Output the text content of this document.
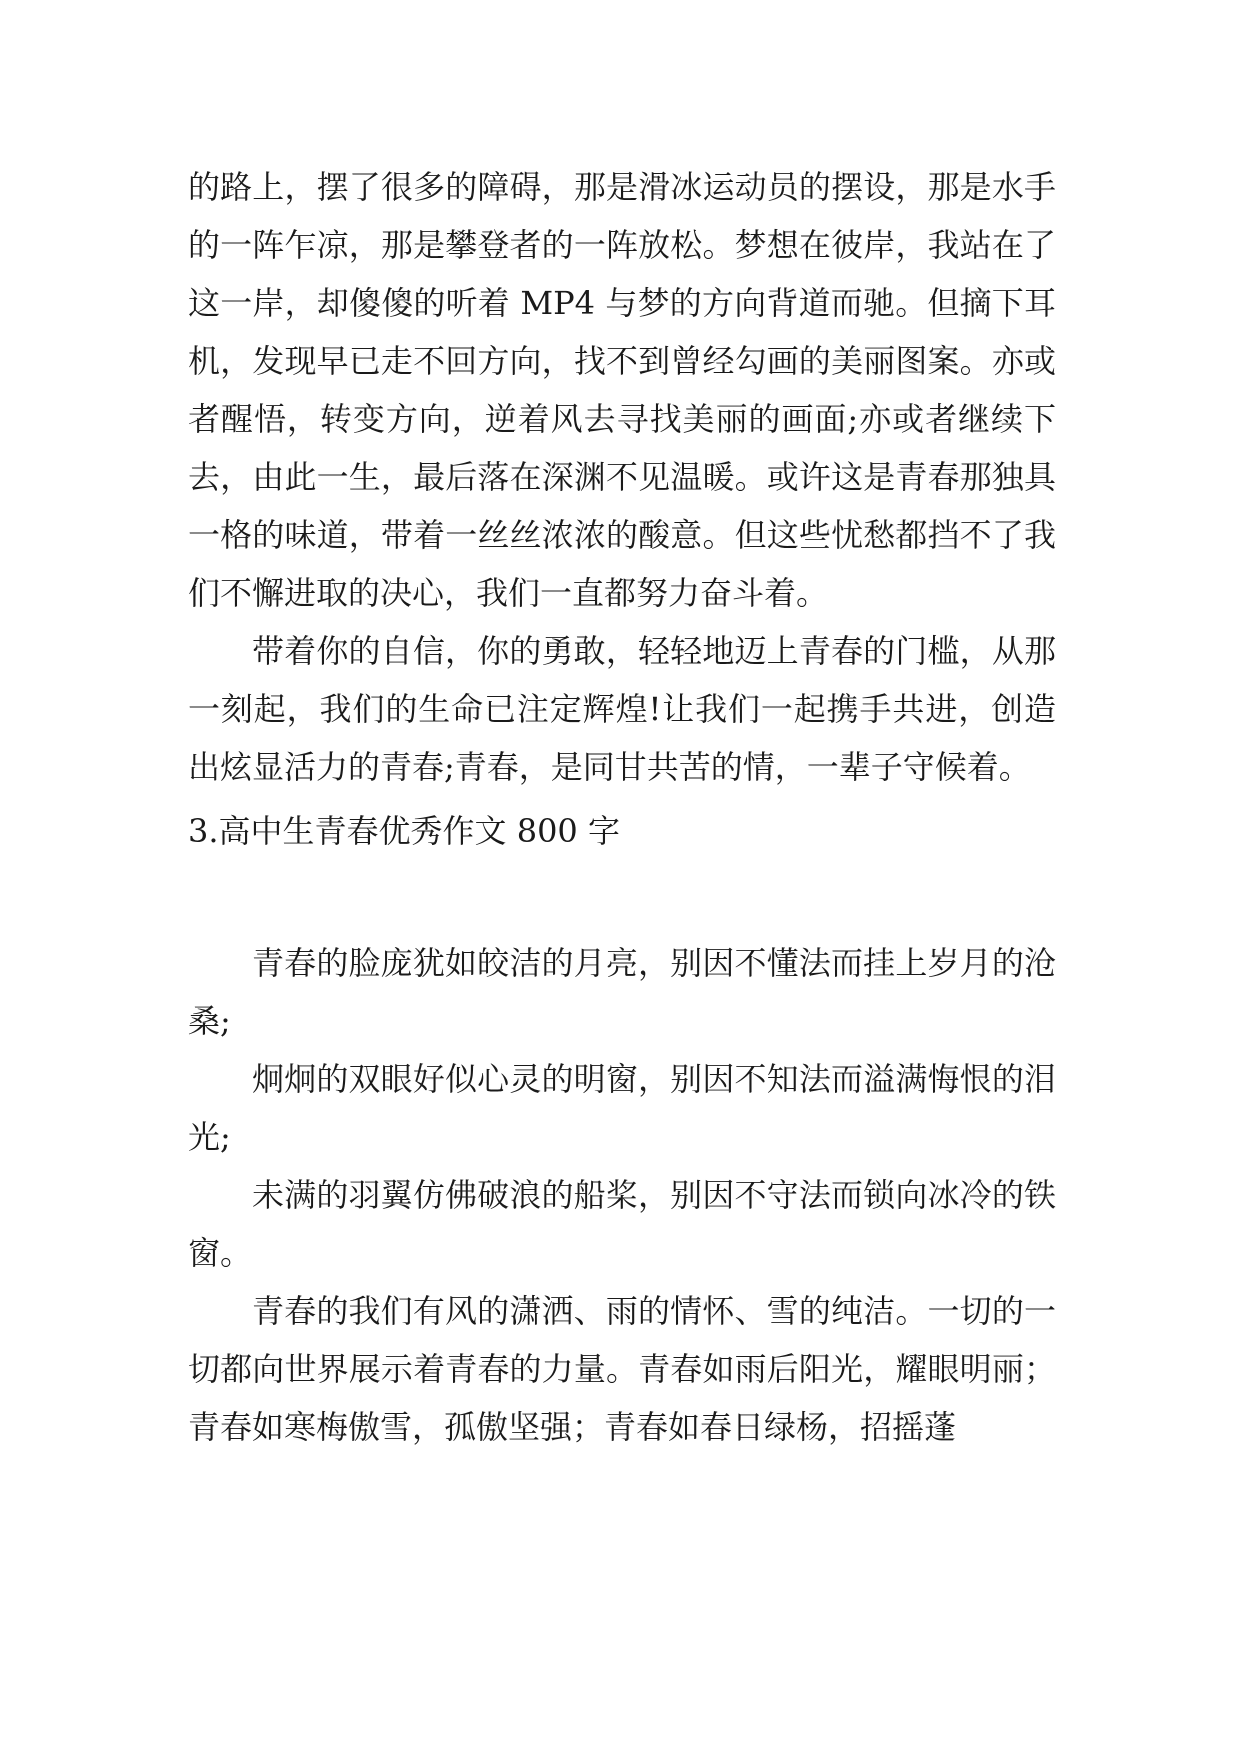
的路上，摆了很多的障碍，那是滑冰运动员的摆设，那是水手的一阵乍凉，那是攀登者的一阵放松。梦想在彼岸，我站在了这一岸，却傻傻的听着 MP4 与梦的方向背道而驰。但摘下耳机，发现早已走不回方向，找不到曾经勾画的美丽图案。亦或者醒悟，转变方向，逆着风去寻找美丽的画面;亦或者继续下去，由此一生，最后落在深渊不见温暖。或许这是青春那独具一格的味道，带着一丝丝浓浓的酸意。但这些忧愁都挡不了我们不懈进取的决心，我们一直都努力奋斗着。

带着你的自信，你的勇敢，轻轻地迈上青春的门槛，从那一刻起，我们的生命已注定辉煌!让我们一起携手共进，创造出炫显活力的青春;青春，是同甘共苦的情，一辈子守候着。

3.高中生青春优秀作文 800 字

青春的脸庞犹如皎洁的月亮，别因不懂法而挂上岁月的沧桑;

炯炯的双眼好似心灵的明窗，别因不知法而溢满悔恨的泪光;

未满的羽翼仿佛破浪的船桨，别因不守法而锁向冰冷的铁窗。

青春的我们有风的潇洒、雨的情怀、雪的纯洁。一切的一切都向世界展示着青春的力量。青春如雨后阳光，耀眼明丽；青春如寒梅傲雪，孤傲坚强；青春如春日绿杨，招摇蓬
